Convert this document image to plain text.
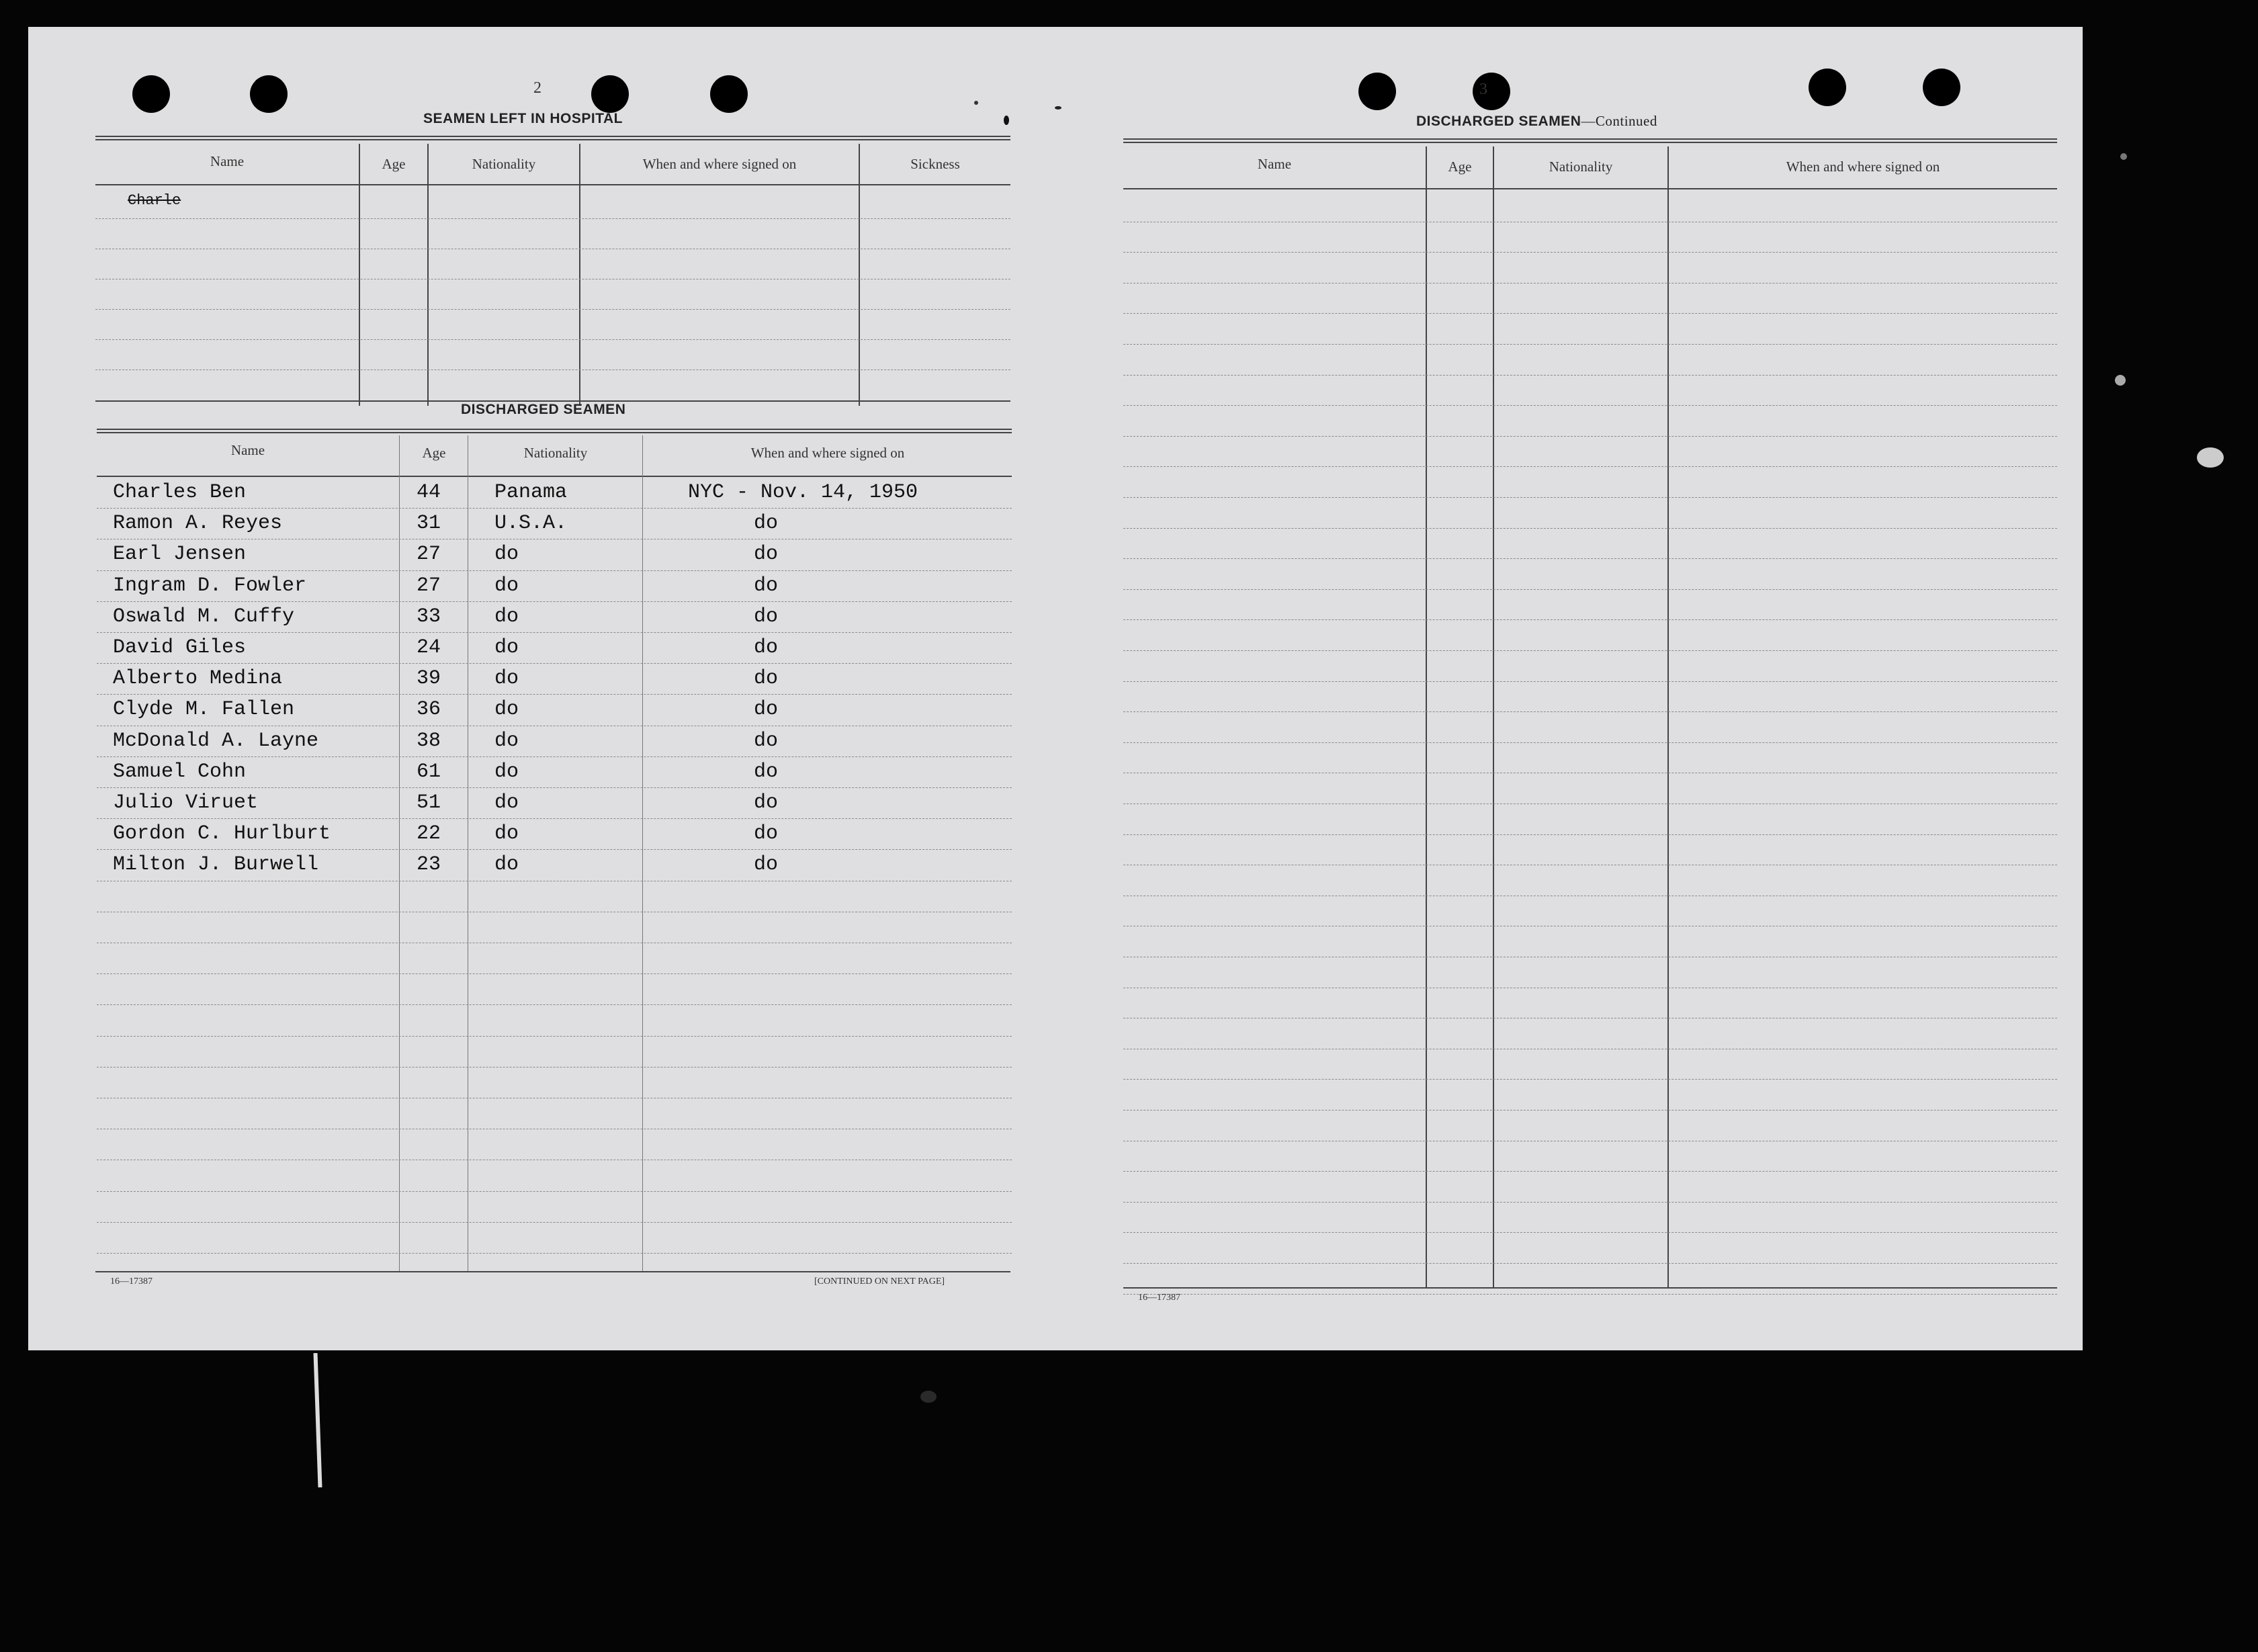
2
SEAMEN LEFT IN HOSPITAL
Name	Age	Nationality	When and where signed on	Sickness
Charle
DISCHARGED SEAMEN
Name	Age	Nationality	When and where signed on
Charles Ben	44	Panama	NYC - Nov. 14, 1950
Ramon A. Reyes	31	U.S.A.	do
Earl Jensen	27	do	do
Ingram D. Fowler	27	do	do
Oswald M. Cuffy	33	do	do
David Giles	24	do	do
Alberto Medina	39	do	do
Clyde M. Fallen	36	do	do
McDonald A. Layne	38	do	do
Samuel Cohn	61	do	do
Julio Viruet	51	do	do
Gordon C. Hurlburt	22	do	do
Milton J. Burwell	23	do	do
16—17387	[CONTINUED ON NEXT PAGE]
3
DISCHARGED SEAMEN—Continued
Name	Age	Nationality	When and where signed on
16—17387
